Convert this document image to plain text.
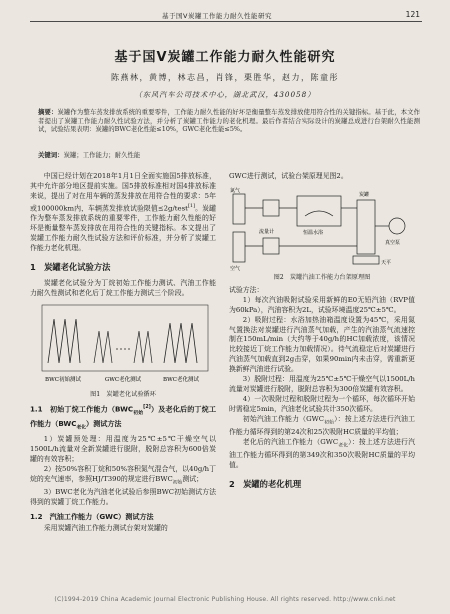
基于国Ⅴ炭罐工作能力耐久性能研究	121
基于国Ⅴ炭罐工作能力耐久性能研究
陈燕林，黄博，林志昌，肖锋，栗胜华，赵力，陈童彤
（东风汽车公司技术中心，湖北武汉，430058）
摘要：炭罐作为整车蒸发排放系统的重要零件，工作能力耐久性能的好坏是衡量整车蒸发排放使用符合性的关键指标。基于此，本文作者提出了炭罐工作能力耐久性试验方法，并分析了炭罐工作能力的老化机理。最后作者结合实际设计的炭罐总成进行台架耐久性能测试，试验结果表明：炭罐的BWC老化性能≤10%，GWC老化性能≤5%。
关键词：炭罐；工作能力；耐久性能

中国已经计划在2018年1月1日全面实施国5排放标准，其中允许部分地区提前实施。国5排放标准相对国4排放标准来说，提出了对在用车辆的蒸发排放在用符合性的要求：5年或100000km内，车辆蒸发排放试验限值≤2g/test[1]。炭罐作为整车蒸发排放系统的重要零件，工作能力耐久性能的好坏是衡量整车蒸发排放在用符合性的关键指标。本文提出了炭罐工作能力耐久性试验方法和评价标准，并分析了炭罐工作能力老化机理。

1　炭罐老化试验方法

炭罐老化试验分为丁烷初始工作能力测试、汽油工作能力耐久性测试和老化后丁烷工作能力测试三个阶段。

BWC初始测试	GWC老化测试	BWC老化测试
图1　炭罐老化试验循环
1.1　初始丁烷工作能力$(BWC_{初始}[2])$及老化后的丁烷工作能力$(BWC_{老化})$测试方法

1）炭罐预处理：用温度为25℃±5℃干燥空气以1500L/h流量对全新炭罐进行脱附，脱附总容积为600倍炭罐的有效容积；

2）按50%容积丁烷和50%容积氮气混合气，以40g/h丁烷的充气速率，参照HJ/T390的规定进行$BWC_{初始}$测试；

3）BWC老化为汽油老化试验后参照BWC初始测试方法得到的炭罐丁烷工作能力。

1.2　汽油工作能力（GWC）测试方法

采用炭罐汽油工作能力测试台架对炭罐的

GWC进行测试，试验台架原理见图2。

氮气
空气
流量计	恒温水浴
炭罐
天平
真空泵
图2　炭罐汽油工作能力台架原理图

试验方法：

1）每次汽油吸附试验采用新鲜的E0无铅汽油（RVP值为60kPa），汽油容积为2L，试验环境温度25℃±5℃。

2）吸附过程：水浴加热油箱温度设置为45℃，采用氮气置换法对炭罐进行汽油蒸气加载，产生的汽油蒸气流速控制在150mL/min（大约等于40g/h的HC加载浓度，该情况比较接近丁烷工作能力加载情况）。待气流稳定后对炭罐进行汽油蒸气加载直到2g击穿，如果90min内未击穿，需重新更换新鲜汽油进行试验。

3）脱附过程：用温度为25℃±5℃干燥空气以1500L/h流量对炭罐进行脱附，脱附总容积为300倍炭罐有效容积。

4）一次吸附过程和脱附过程为一个循环，每次循环开始时需稳定5min，汽油老化试验共计350次循环。

初始汽油工作能力$(GWC_{初始})$：按上述方法进行汽油工作能力循环得到的第24次和25次吸附HC质量的平均值；

老化后的汽油工作能力$(GWC_{老化})$：按上述方法进行汽油工作能力循环得到的第349次和350次吸附HC质量的平均值。

2　炭罐的老化机理
(C)1994-2019 China Academic Journal Electronic Publishing House. All rights reserved. http://www.cnki.net
